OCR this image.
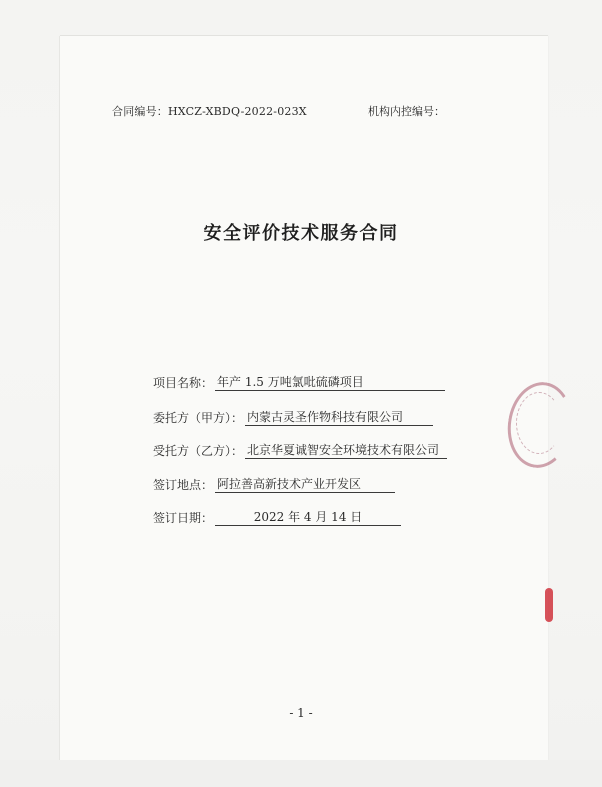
合同编号：HXCZ-XBDQ-2022-023X	机构内控编号：
安全评价技术服务合同
项目名称： 年产 1.5 万吨氯吡硫磷项目
委托方（甲方）： 内蒙古灵圣作物科技有限公司
受托方（乙方）： 北京华夏诚智安全环境技术有限公司
签订地点： 阿拉善高新技术产业开发区
签订日期：	2022 年 4 月 14 日
- 1 -
